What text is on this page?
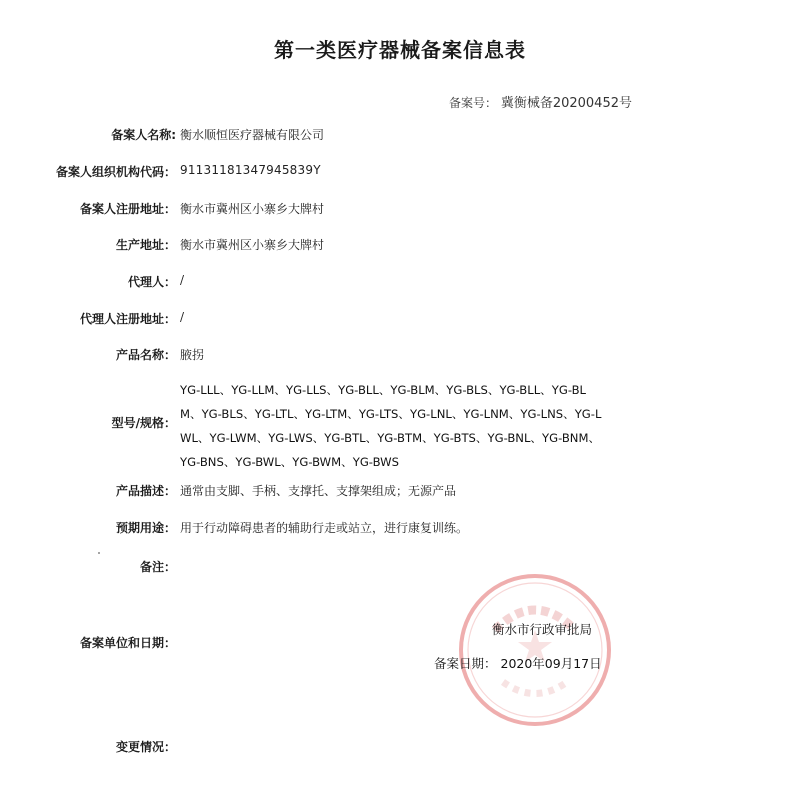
第一类医疗器械备案信息表
备案号： 冀衡械备20200452号
备案人名称: 衡水顺恒医疗器械有限公司
备案人组织机构代码： 91131181347945839Y
备案人注册地址： 衡水市冀州区小寨乡大牌村
生产地址： 衡水市冀州区小寨乡大牌村
代理人： /
代理人注册地址： /
产品名称： 腋拐
型号/规格：
YG-LLL、YG-LLM、YG-LLS、YG-BLL、YG-BLM、YG-BLS、YG-BLL、YG-BLM、YG-BLS、YG-LTL、YG-LTM、YG-LTS、YG-LNL、YG-LNM、YG-LNS、YG-LWL、YG-LWM、YG-LWS、YG-BTL、YG-BTM、YG-BTS、YG-BNL、YG-BNM、YG-BNS、YG-BWL、YG-BWM、YG-BWS
产品描述： 通常由支脚、手柄、支撑托、支撑架组成；无源产品
预期用途： 用于行动障碍患者的辅助行走或站立，进行康复训练。
备注：
备案单位和日期：
衡水市行政审批局
备案日期： 2020年09月17日
变更情况：
